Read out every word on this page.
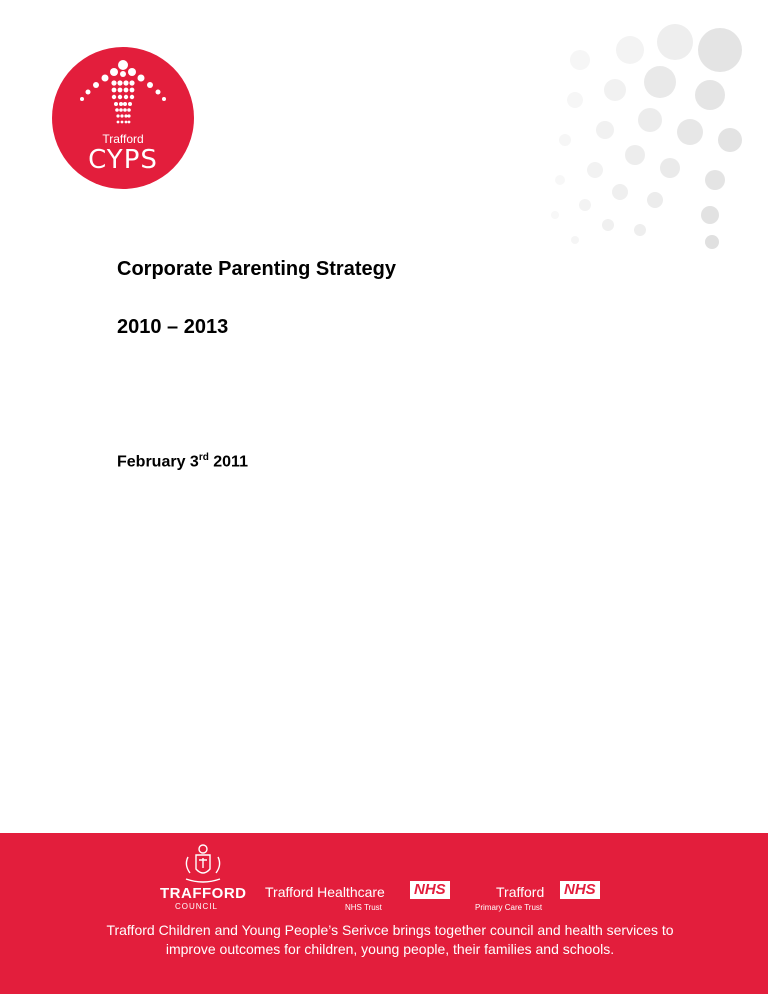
Trafford
CYPS
Corporate Parenting Strategy
2010 – 2013
February 3rd 2011
TRAFFORD
COUNCIL
Trafford Healthcare NHS
NHS Trust
Trafford NHS
Primary Care Trust
Trafford Children and Young People’s Serivce brings together council and health services to improve outcomes for children, young people, their families and schools.
